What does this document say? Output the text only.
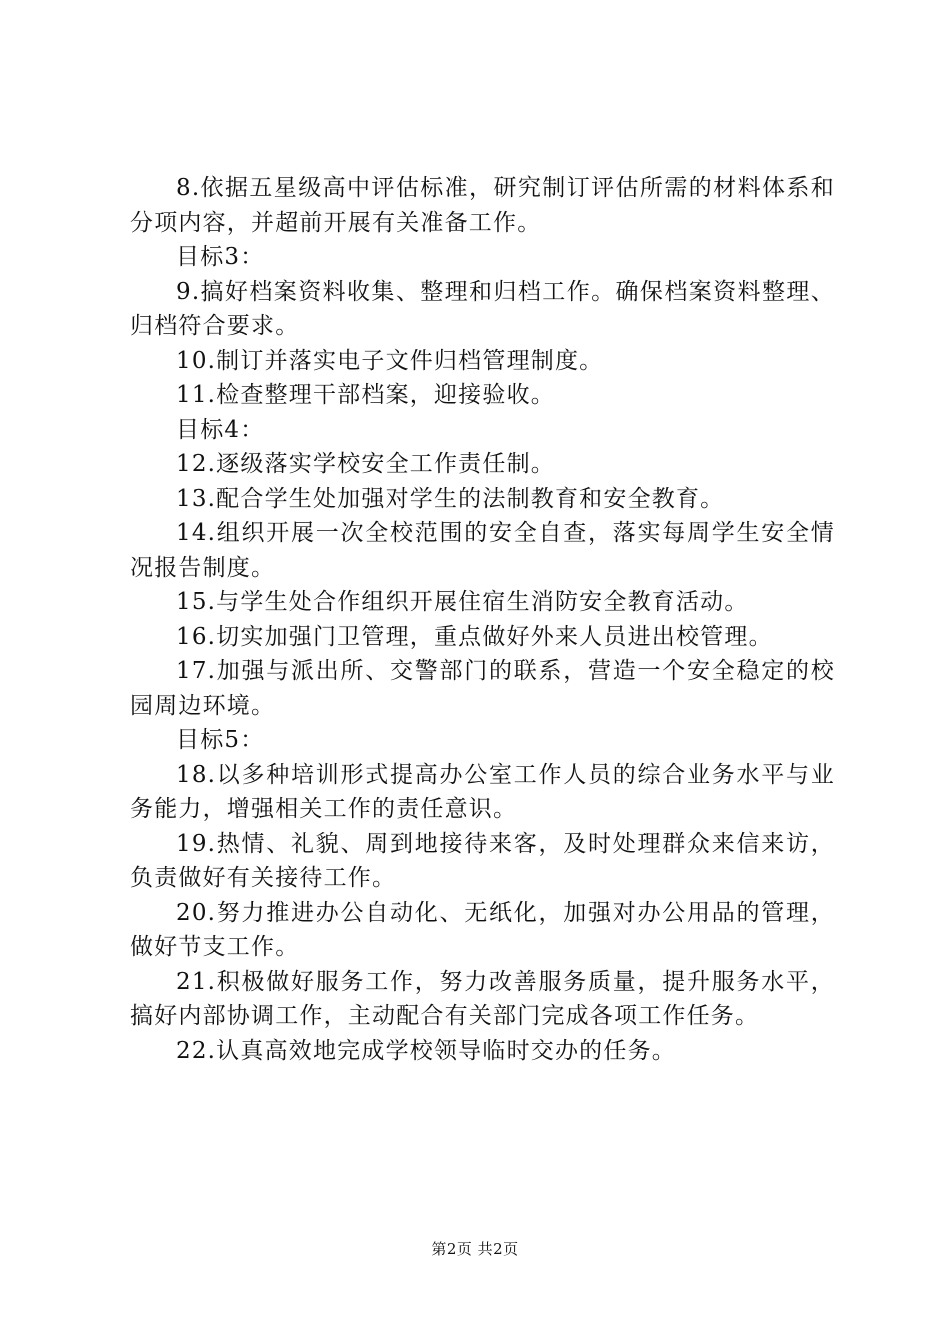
8.依据五星级高中评估标准，研究制订评估所需的材料体系和分项内容，并超前开展有关准备工作。

目标3：

9.搞好档案资料收集、整理和归档工作。确保档案资料整理、归档符合要求。

10.制订并落实电子文件归档管理制度。

11.检查整理干部档案，迎接验收。

目标4：

12.逐级落实学校安全工作责任制。

13.配合学生处加强对学生的法制教育和安全教育。

14.组织开展一次全校范围的安全自查，落实每周学生安全情况报告制度。

15.与学生处合作组织开展住宿生消防安全教育活动。

16.切实加强门卫管理，重点做好外来人员进出校管理。

17.加强与派出所、交警部门的联系，营造一个安全稳定的校园周边环境。

目标5：

18.以多种培训形式提高办公室工作人员的综合业务水平与业务能力，增强相关工作的责任意识。

19.热情、礼貌、周到地接待来客，及时处理群众来信来访，负责做好有关接待工作。

20.努力推进办公自动化、无纸化，加强对办公用品的管理，做好节支工作。

21.积极做好服务工作，努力改善服务质量，提升服务水平，搞好内部协调工作，主动配合有关部门完成各项工作任务。

22.认真高效地完成学校领导临时交办的任务。

第2页 共2页
